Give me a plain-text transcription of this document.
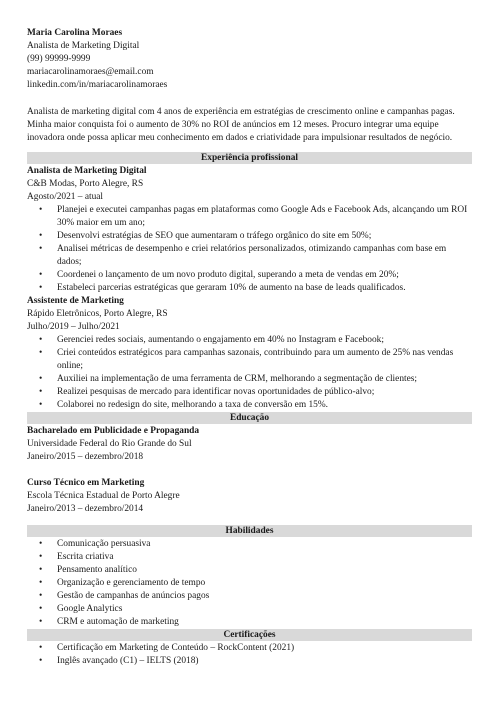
Maria Carolina Moraes
Analista de Marketing Digital
(99) 99999-9999
mariacarolinamoraes@email.com
linkedin.com/in/mariacarolinamoraes
Analista de marketing digital com 4 anos de experiência em estratégias de crescimento online e campanhas pagas. Minha maior conquista foi o aumento de 30% no ROI de anúncios em 12 meses. Procuro integrar uma equipe inovadora onde possa aplicar meu conhecimento em dados e criatividade para impulsionar resultados de negócio.
Experiência profissional
Analista de Marketing Digital
C&B Modas, Porto Alegre, RS
Agosto/2021 – atual
• Planejei e executei campanhas pagas em plataformas como Google Ads e Facebook Ads, alcançando um ROI 30% maior em um ano;
• Desenvolvi estratégias de SEO que aumentaram o tráfego orgânico do site em 50%;
• Analisei métricas de desempenho e criei relatórios personalizados, otimizando campanhas com base em dados;
• Coordenei o lançamento de um novo produto digital, superando a meta de vendas em 20%;
• Estabeleci parcerias estratégicas que geraram 10% de aumento na base de leads qualificados.
Assistente de Marketing
Rápido Eletrônicos, Porto Alegre, RS
Julho/2019 – Julho/2021
• Gerenciei redes sociais, aumentando o engajamento em 40% no Instagram e Facebook;
• Criei conteúdos estratégicos para campanhas sazonais, contribuindo para um aumento de 25% nas vendas online;
• Auxiliei na implementação de uma ferramenta de CRM, melhorando a segmentação de clientes;
• Realizei pesquisas de mercado para identificar novas oportunidades de público-alvo;
• Colaborei no redesign do site, melhorando a taxa de conversão em 15%.
Educação
Bacharelado em Publicidade e Propaganda
Universidade Federal do Rio Grande do Sul
Janeiro/2015 – dezembro/2018
Curso Técnico em Marketing
Escola Técnica Estadual de Porto Alegre
Janeiro/2013 – dezembro/2014
Habilidades
• Comunicação persuasiva
• Escrita criativa
• Pensamento analítico
• Organização e gerenciamento de tempo
• Gestão de campanhas de anúncios pagos
• Google Analytics
• CRM e automação de marketing
Certificações
• Certificação em Marketing de Conteúdo – RockContent (2021)
• Inglês avançado (C1) – IELTS (2018)
